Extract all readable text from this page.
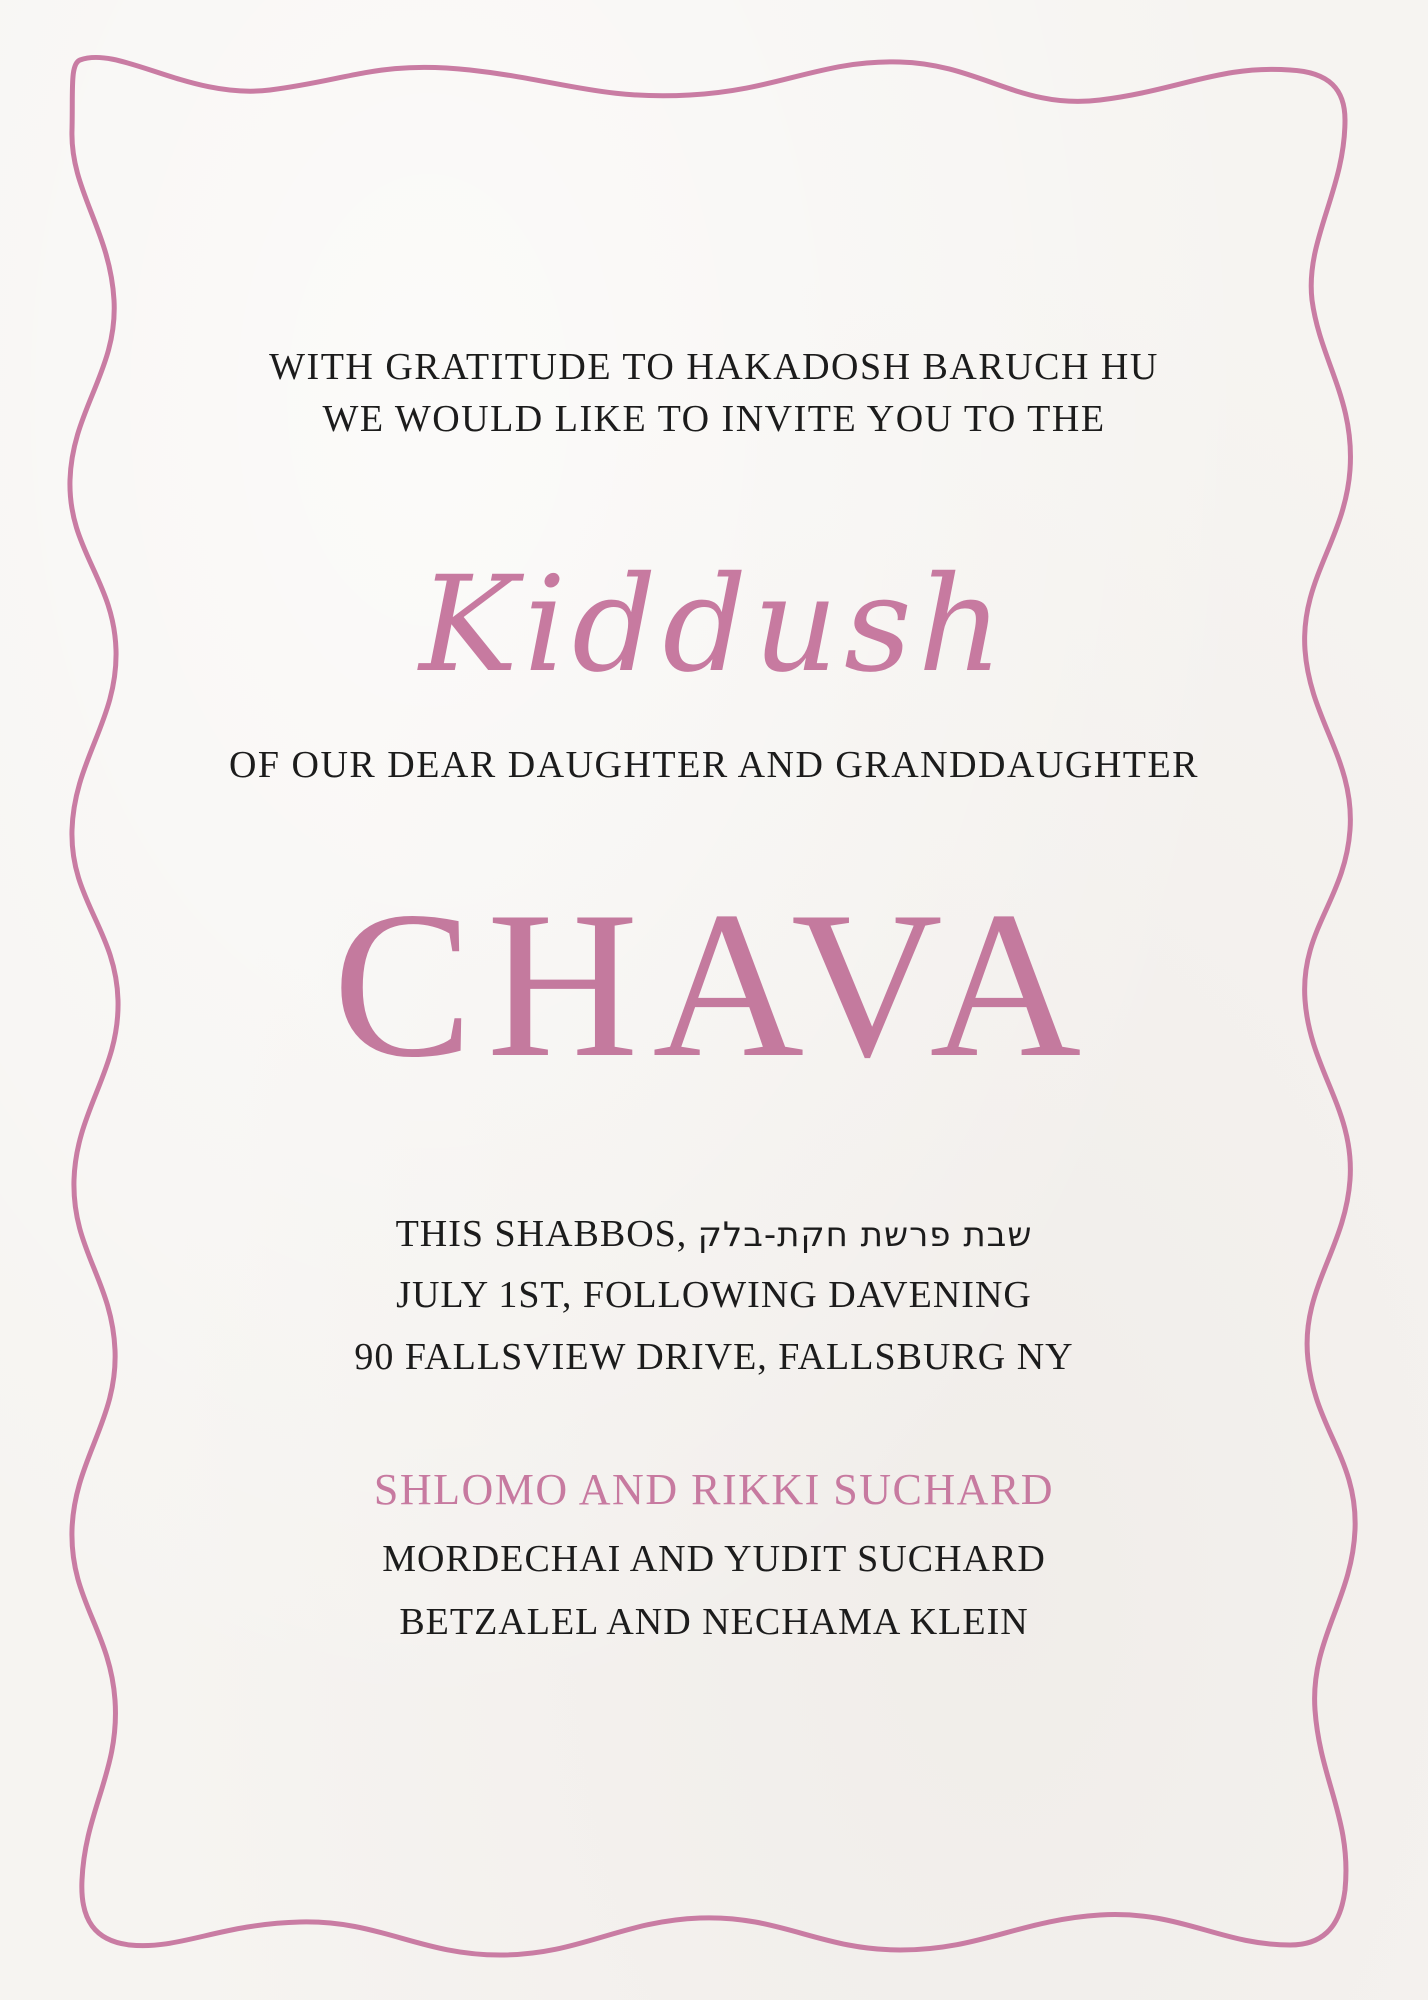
WITH GRATITUDE TO HAKADOSH BARUCH HU
WE WOULD LIKE TO INVITE YOU TO THE
Kiddush
OF OUR DEAR DAUGHTER AND GRANDDAUGHTER
CHAVA
THIS SHABBOS, שבת פרשת חקת-בלק
JULY 1ST, FOLLOWING DAVENING
90 FALLSVIEW DRIVE, FALLSBURG NY
SHLOMO AND RIKKI SUCHARD
MORDECHAI AND YUDIT SUCHARD
BETZALEL AND NECHAMA KLEIN
